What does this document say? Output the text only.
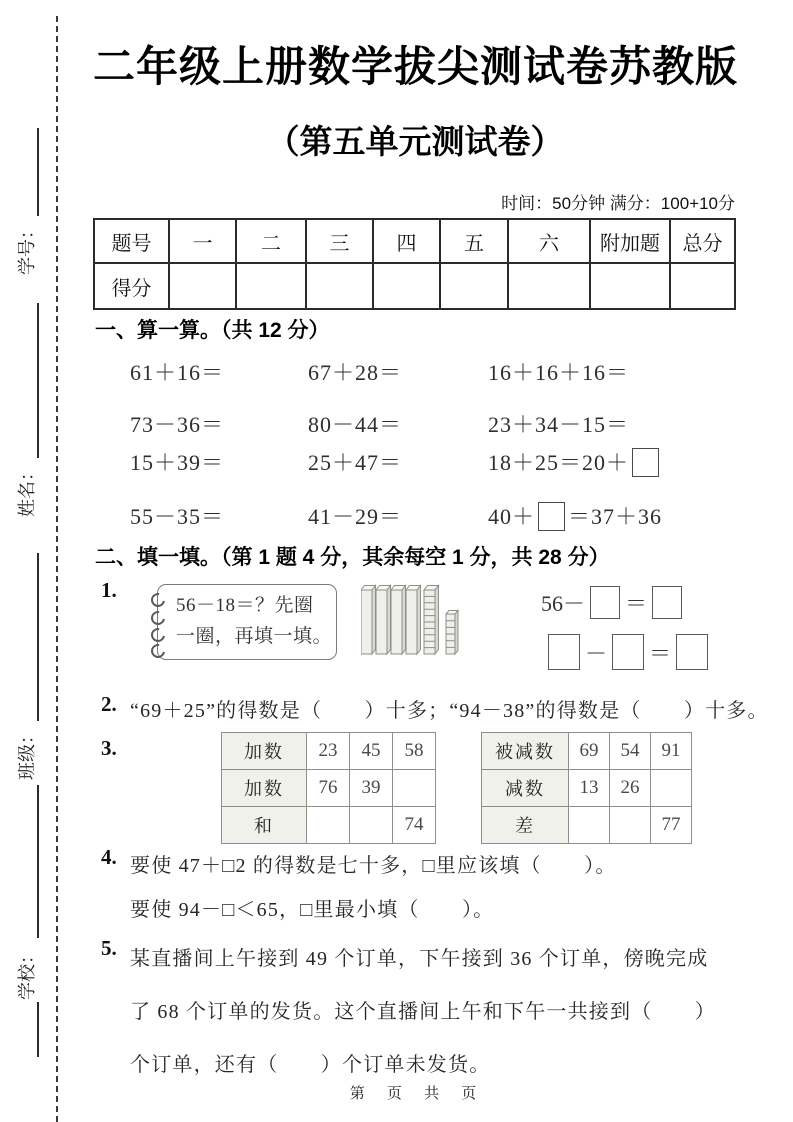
学号：
姓名：
班级：
学校：
二年级上册数学拔尖测试卷苏教版
（第五单元测试卷）
时间：50分钟 满分：100+10分
题号	一	二	三	四	五	六	附加题	总分
得分								
一、算一算。（共 12 分）
61＋16＝	67＋28＝	16＋16＋16＝
73－36＝	80－44＝	23＋34－15＝
15＋39＝	25＋47＝	18＋25＝20＋
55－35＝	41－29＝	40＋ ＝37＋36
二、填一填。（第 1 题 4 分，其余每空 1 分，共 28 分）
1.
56－18＝？先圈
一圈，再填一填。
56－ ＝
－ ＝
2. “69＋25”的得数是（　　）十多；“94－38”的得数是（　　）十多。
3.	加数	23	45	58
加数	76	39	
和			74
被减数	69	54	91
减数	13	26	
差			77
4. 要使 47＋□2 的得数是七十多，□里应该填（　　）。
要使 94－□＜65，□里最小填（　　）。
5. 某直播间上午接到 49 个订单，下午接到 36 个订单，傍晚完成
了 68 个订单的发货。这个直播间上午和下午一共接到（　　）
个订单，还有（　　）个订单未发货。
第 页 共 页
